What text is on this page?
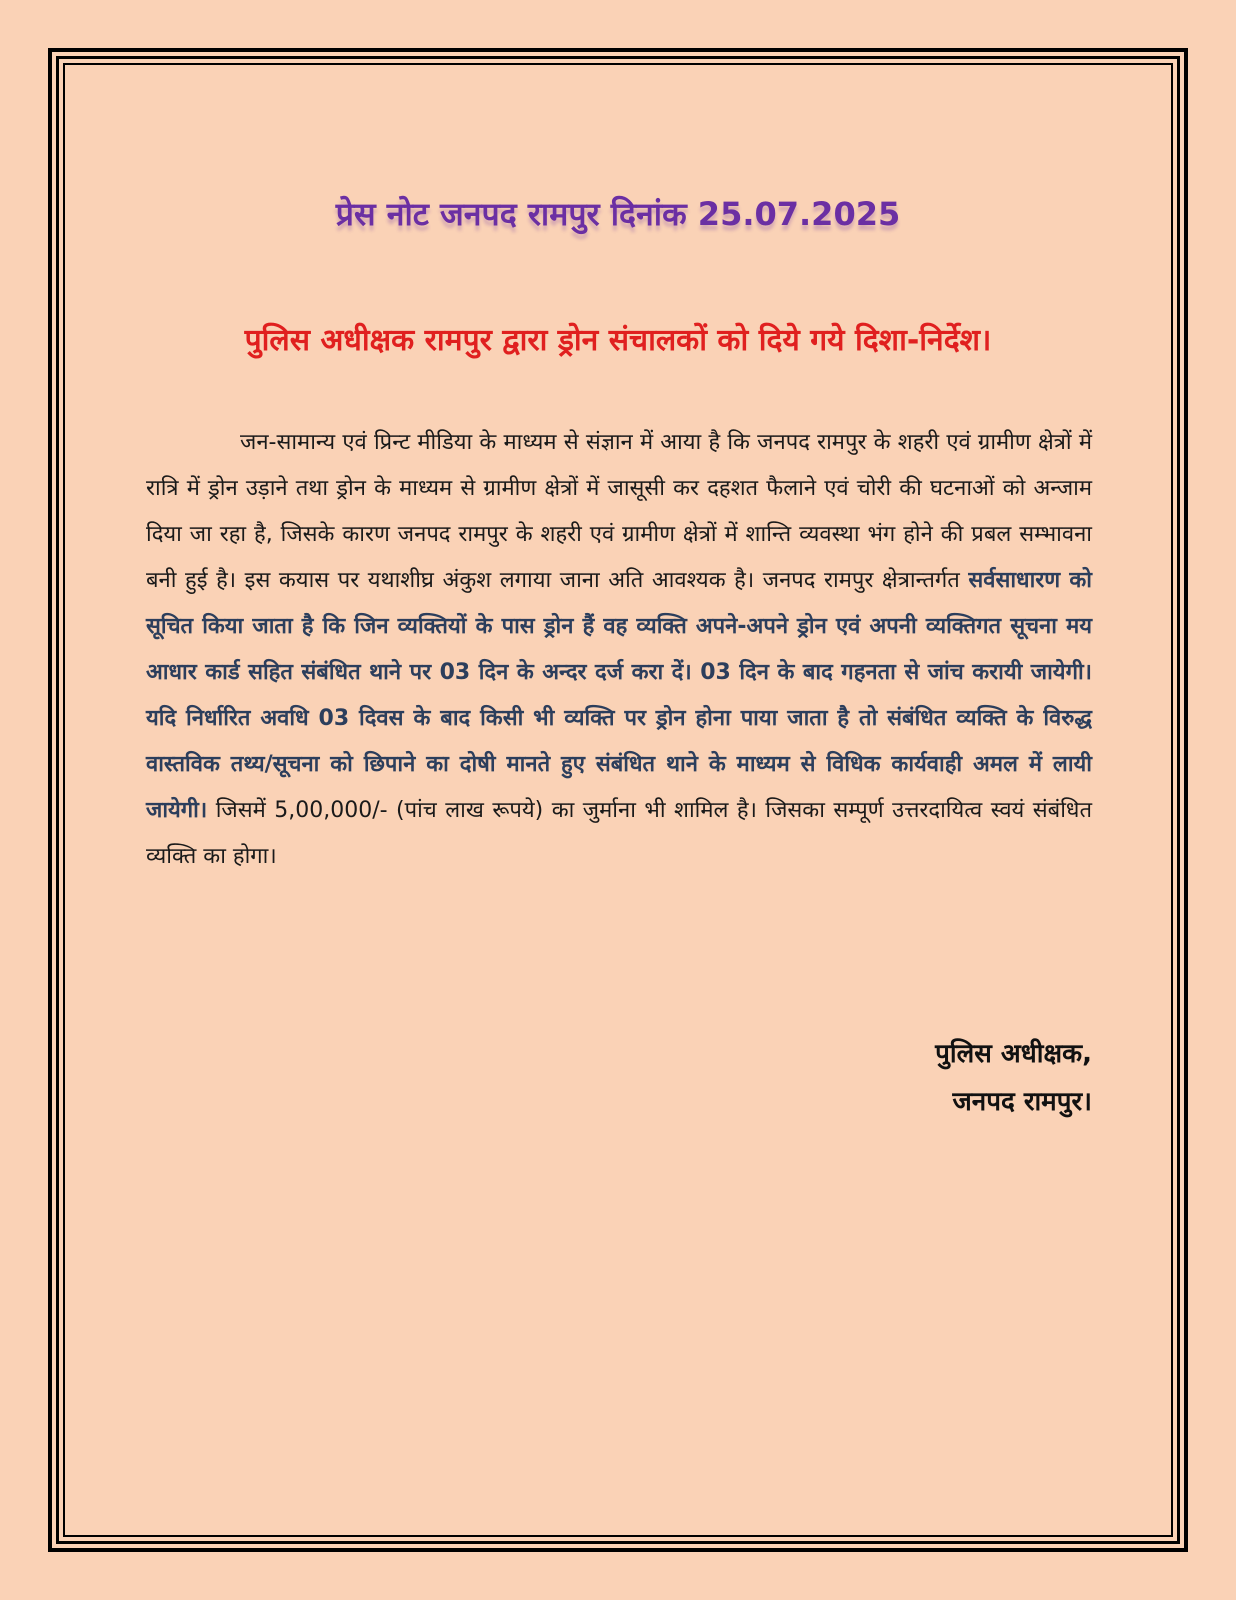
प्रेस नोट जनपद रामपुर दिनांक 25.07.2025
पुलिस अधीक्षक रामपुर द्वारा ड्रोन संचालकों को दिये गये दिशा-निर्देश।

जन-सामान्य एवं प्रिन्ट मीडिया के माध्यम से संज्ञान में आया है कि जनपद रामपुर के शहरी एवं ग्रामीण क्षेत्रों में रात्रि में ड्रोन उड़ाने तथा ड्रोन के माध्यम से ग्रामीण क्षेत्रों में जासूसी कर दहशत फैलाने एवं चोरी की घटनाओं को अन्जाम दिया जा रहा है, जिसके कारण जनपद रामपुर के शहरी एवं ग्रामीण क्षेत्रों में शान्ति व्यवस्था भंग होने की प्रबल सम्भावना बनी हुई है। इस कयास पर यथाशीघ्र अंकुश लगाया जाना अति आवश्यक है। जनपद रामपुर क्षेत्रान्तर्गत सर्वसाधारण को सूचित किया जाता है कि जिन व्यक्तियों के पास ड्रोन हैं वह व्यक्ति अपने-अपने ड्रोन एवं अपनी व्यक्तिगत सूचना मय आधार कार्ड सहित संबंधित थाने पर 03 दिन के अन्दर दर्ज करा दें। 03 दिन के बाद गहनता से जांच करायी जायेगी। यदि निर्धारित अवधि 03 दिवस के बाद किसी भी व्यक्ति पर ड्रोन होना पाया जाता है तो संबंधित व्यक्ति के विरुद्ध वास्तविक तथ्य/सूचना को छिपाने का दोषी मानते हुए संबंधित थाने के माध्यम से विधिक कार्यवाही अमल में लायी जायेगी। जिसमें 5,00,000/- (पांच लाख रूपये) का जुर्माना भी शामिल है। जिसका सम्पूर्ण उत्तरदायित्व स्वयं संबंधित व्यक्ति का होगा।

पुलिस अधीक्षक,
जनपद रामपुर।
